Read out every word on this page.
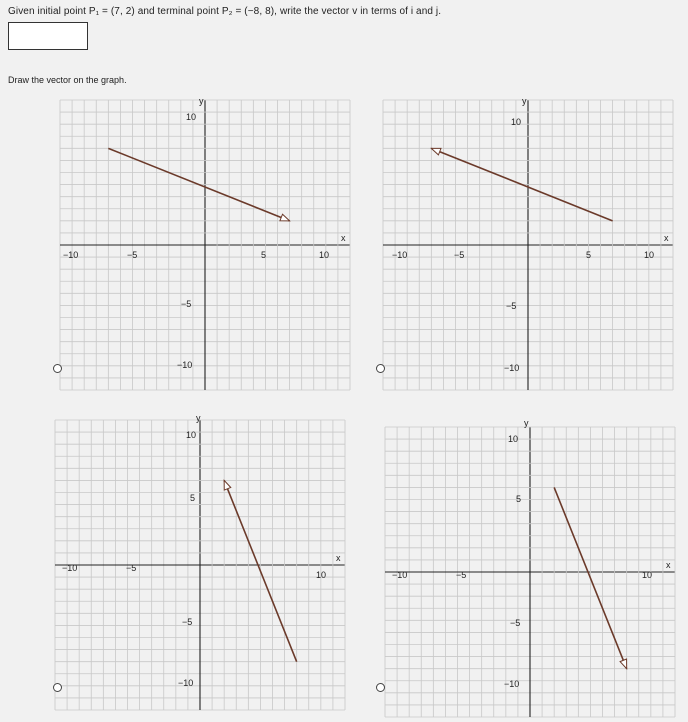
Given initial point P₁ = (7, 2) and terminal point P₂ = (−8, 8), write the vector v in terms of i and j.
Draw the vector on the graph.
x
y
−10	−5	5	10
10
−5
−10
x
y
−10	−5	5	10
10
−5
−10
x
y
−10	−5
10
10
5
−5
−10
x
y
−10	−5	10
10
5
−5
−10
